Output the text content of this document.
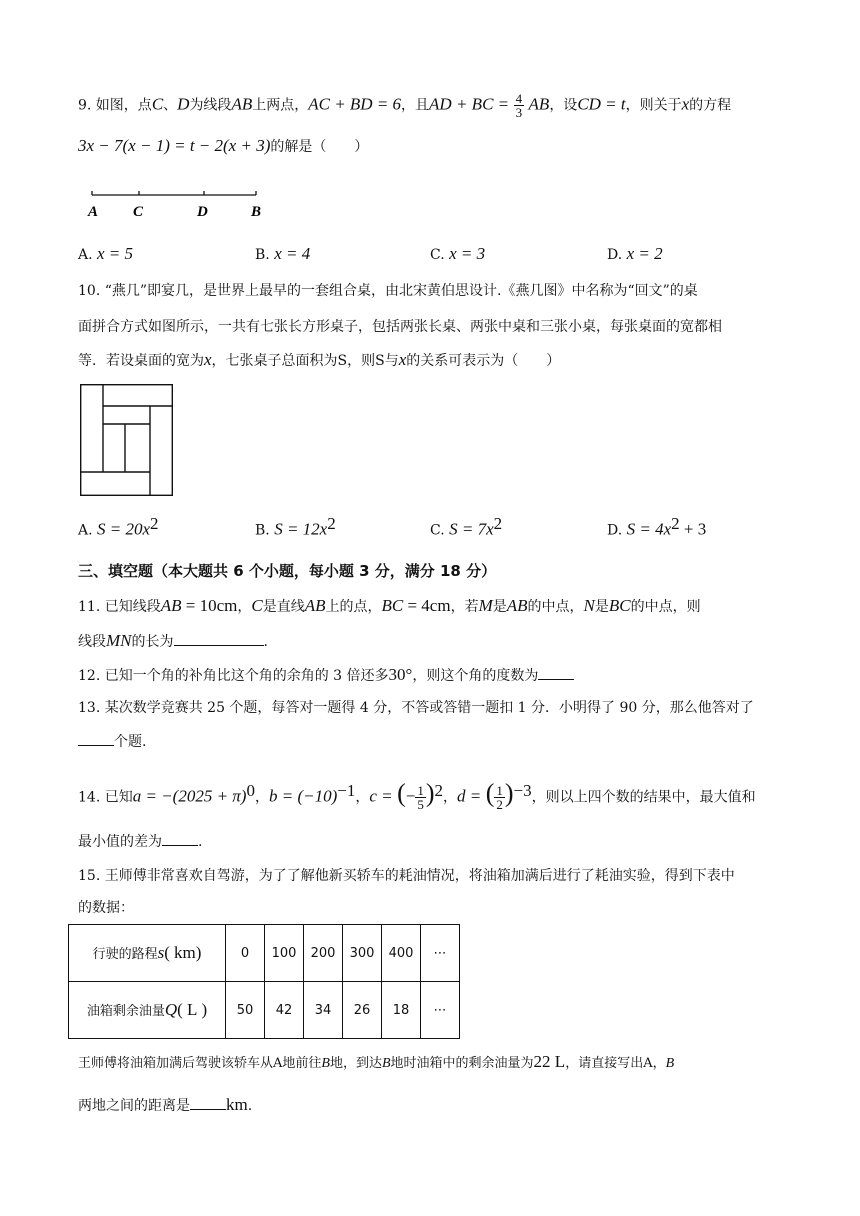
9. 如图，点C、D为线段AB上两点，AC + BD = 6，且AD + BC = $\frac{4}{3}$ AB，设CD = t，则关于x的方程
3x − 7(x − 1) = t − 2(x + 3)的解是（　　）
A C	D	B
A. x = 5	B. x = 4	C. x = 3	D. x = 2
10. “燕几”即宴几，是世界上最早的一套组合桌，由北宋黄伯思设计.《燕几图》中名称为“回文”的桌
面拼合方式如图所示，一共有七张长方形桌子，包括两张长桌、两张中桌和三张小桌，每张桌面的宽都相
等．若设桌面的宽为x，七张桌子总面积为S，则S与x的关系可表示为（　　）
A. $S = 20x^2$	B. $S = 12x^2$	C. $S = 7x^2$	D. $S = 4x^2 + 3$
三、填空题（本大题共 6 个小题，每小题 3 分，满分 18 分）
11. 已知线段AB = 10cm，C是直线AB上的点，BC = 4cm，若M是AB的中点，N是BC的中点，则
线段MN的长为	.
12. 已知一个角的补角比这个角的余角的 3 倍还多30°，则这个角的度数为
13. 某次数学竞赛共 25 个题，每答对一题得 4 分，不答或答错一题扣 1 分．小明得了 90 分，那么他答对了
个题.
14. 已知$a = -(2025 + \pi)^0$，$b = (-10)^{-1}$，c = (− $\frac{1}{5} )^2$，d = ( $\frac{1}{2} )^{-3}$，则以上四个数的结果中，最大值和
最小值的差为	.
15. 王师傅非常喜欢自驾游，为了了解他新买轿车的耗油情况，将油箱加满后进行了耗油实验，得到下表中
的数据：
行驶的路程s( km)	0	100	200	300	400	⋯
油箱剩余油量Q( L )	50	42	34	26	18	⋯
王师傅将油箱加满后驾驶该轿车从A地前往B地，到达B地时油箱中的剩余油量为22 L，请直接写出A，B
两地之间的距离是 km.
